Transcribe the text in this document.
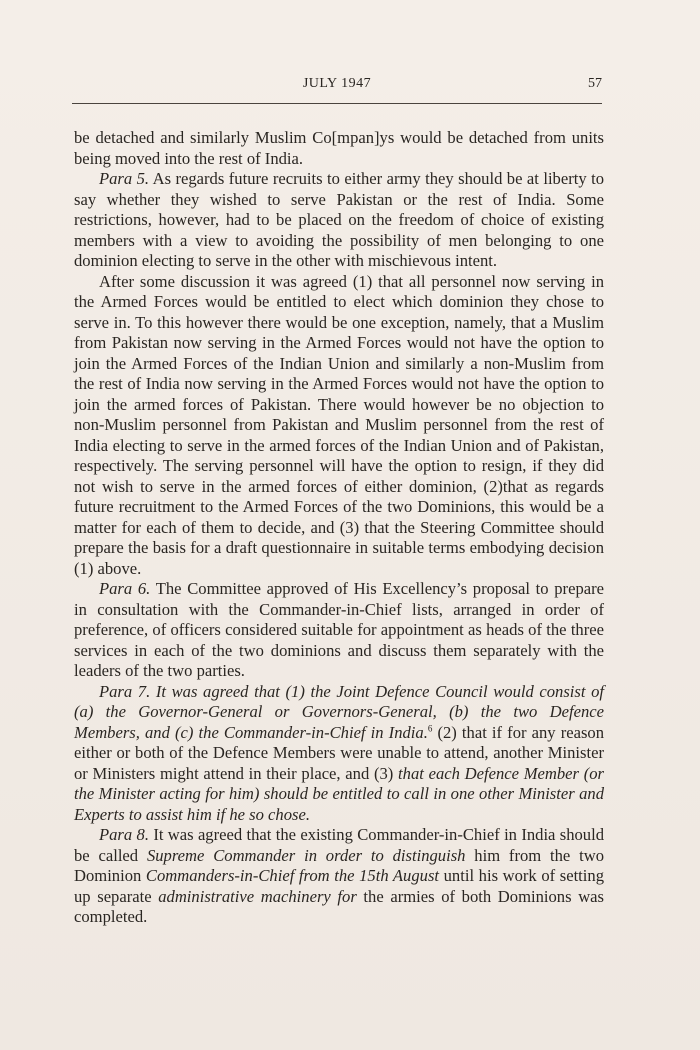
JULY 1947	57

be detached and similarly Muslim Co[mpan]ys would be detached from units being moved into the rest of India.

Para 5. As regards future recruits to either army they should be at liberty to say whether they wished to serve Pakistan or the rest of India. Some restrictions, however, had to be placed on the freedom of choice of existing members with a view to avoiding the possibility of men belonging to one dominion electing to serve in the other with mischievous intent.

After some discussion it was agreed (1) that all personnel now serving in the Armed Forces would be entitled to elect which dominion they chose to serve in. To this however there would be one exception, namely, that a Muslim from Pakistan now serving in the Armed Forces would not have the option to join the Armed Forces of the Indian Union and similarly a non-Muslim from the rest of India now serving in the Armed Forces would not have the option to join the armed forces of Pakistan. There would however be no objection to non-Muslim personnel from Pakistan and Muslim personnel from the rest of India electing to serve in the armed forces of the Indian Union and of Pakistan, respectively. The serving personnel will have the option to resign, if they did not wish to serve in the armed forces of either dominion, (2)that as regards future recruitment to the Armed Forces of the two Dominions, this would be a matter for each of them to decide, and (3) that the Steering Committee should prepare the basis for a draft questionnaire in suitable terms embodying decision (1) above.

Para 6. The Committee approved of His Excellency’s proposal to prepare in consultation with the Commander-in-Chief lists, arranged in order of preference, of officers considered suitable for appointment as heads of the three services in each of the two dominions and discuss them separately with the leaders of the two parties.

Para 7. It was agreed that (1) the Joint Defence Council would consist of (a) the Governor-General or Governors-General, (b) the two Defence Members, and (c) the Commander-in-Chief in India.$^6$ (2) that if for any reason either or both of the Defence Members were unable to attend, another Minister or Ministers might attend in their place, and (3) that each Defence Member (or the Minister acting for him) should be entitled to call in one other Minister and Experts to assist him if he so chose.

Para 8. It was agreed that the existing Commander-in-Chief in India should be called Supreme Commander in order to distinguish him from the two Dominion Commanders-in-Chief from the 15th August until his work of setting up separate administrative machinery for the armies of both Dominions was completed.
